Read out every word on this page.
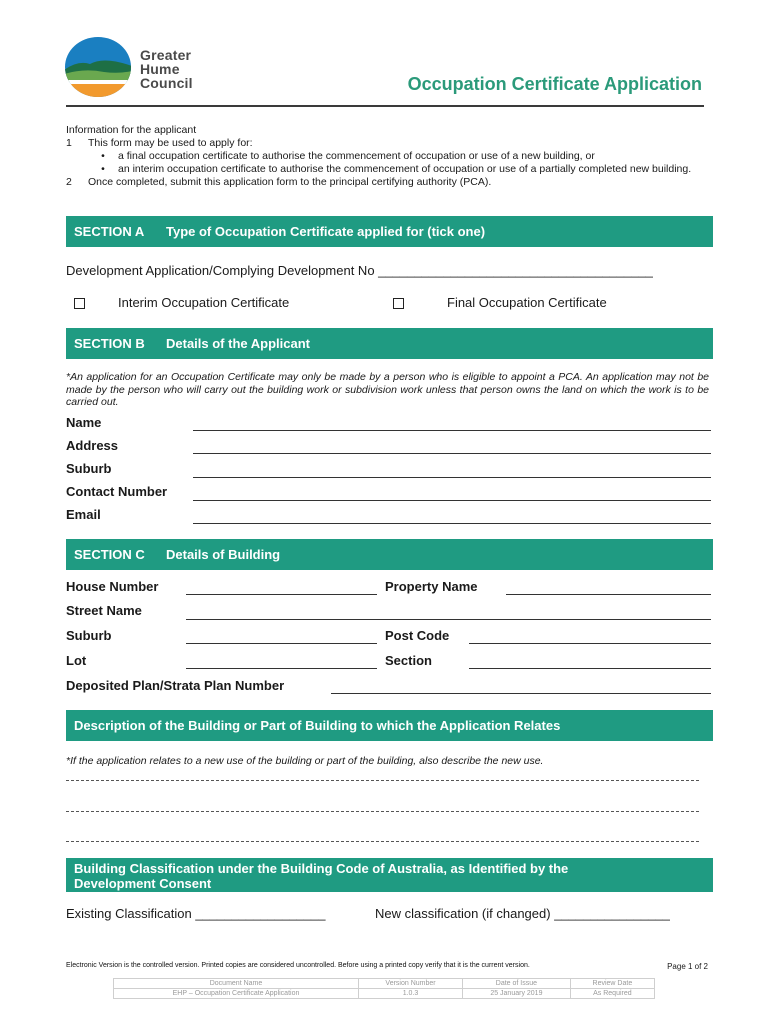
Greater
Hume
Council	Occupation Certificate Application
Information for the applicant
1	This form may be used to apply for:
•	a final occupation certificate to authorise the commencement of occupation or use of a new building, or
•	an interim occupation certificate to authorise the commencement of occupation or use of a partially completed new building.
2	Once completed, submit this application form to the principal certifying authority (PCA).
SECTION A Type of Occupation Certificate applied for (tick one)
Development Application/Complying Development No ______________________________________
Interim Occupation Certificate	Final Occupation Certificate
SECTION B Details of the Applicant
*An application for an Occupation Certificate may only be made by a person who is eligible to appoint a PCA. An application may not be made by the person who will carry out the building work or subdivision work unless that person owns the land on which the work is to be carried out.
Name
Address
Suburb
Contact Number
Email
SECTION C Details of Building
House Number	Property Name
Street Name
Suburb	Post Code
Lot	Section
Deposited Plan/Strata Plan Number
Description of the Building or Part of Building to which the Application Relates
*If the application relates to a new use of the building or part of the building, also describe the new use.
Building Classification under the Building Code of Australia, as Identified by the
Development Consent
Existing Classification __________________	New classification (if changed) ________________
Electronic Version is the controlled version. Printed copies are considered uncontrolled. Before using a printed copy verify that it is the current version.	Page 1 of 2
Document Name	Version Number	Date of Issue	Review Date
EHP – Occupation Certificate Application	1.0.3	25 January 2019	As Required
